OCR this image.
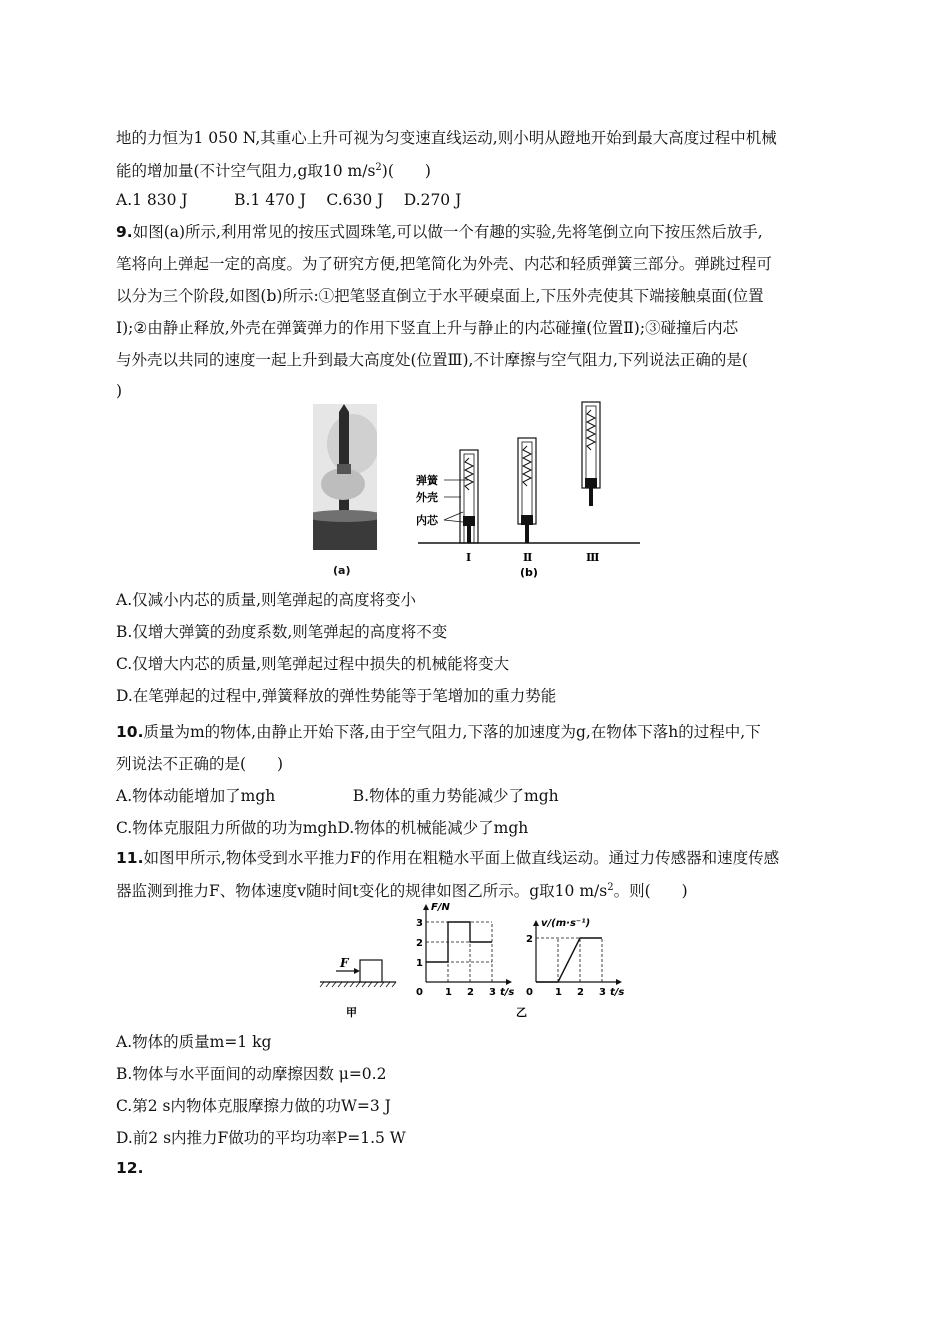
地的力恒为1 050 N,其重心上升可视为匀变速直线运动,则小明从蹬地开始到最大高度过程中机械
能的增加量(不计空气阻力,g取10 $m/s^2$)(　　)
A.1 830 J　　　B.1 470 J　 C.630 J　 D.270 J
9.如图(a)所示,利用常见的按压式圆珠笔,可以做一个有趣的实验,先将笔倒立向下按压然后放手,
笔将向上弹起一定的高度。为了研究方便,把笔简化为外壳、内芯和轻质弹簧三部分。弹跳过程可
以分为三个阶段,如图(b)所示:①把笔竖直倒立于水平硬桌面上,下压外壳使其下端接触桌面(位置
Ⅰ);②由静止释放,外壳在弹簧弹力的作用下竖直上升与静止的内芯碰撞(位置Ⅱ);③碰撞后内芯
与外壳以共同的速度一起上升到最大高度处(位置Ⅲ),不计摩擦与空气阻力,下列说法正确的是(
)
(a)
弹簧
外壳
内芯
Ⅰ	Ⅱ	Ⅲ
(b)
A.仅减小内芯的质量,则笔弹起的高度将变小
B.仅增大弹簧的劲度系数,则笔弹起的高度将不变
C.仅增大内芯的质量,则笔弹起过程中损失的机械能将变大
D.在笔弹起的过程中,弹簧释放的弹性势能等于笔增加的重力势能
10.质量为m的物体,由静止开始下落,由于空气阻力,下落的加速度为g,在物体下落h的过程中,下
列说法不正确的是(　　)
A.物体动能增加了mgh　　　　　B.物体的重力势能减少了mgh
C.物体克服阻力所做的功为mghD.物体的机械能减少了mgh
11.如图甲所示,物体受到水平推力F的作用在粗糙水平面上做直线运动。通过力传感器和速度传感
器监测到推力F、物体速度v随时间t变化的规律如图乙所示。g取10 $m/s^2$。则(　　)
F
甲
1 2 3
1
2
3
0	t/s
F/N
1 2 3
2
0	t/s
v/(m·s⁻¹)
乙
A.物体的质量m=1 kg
B.物体与水平面间的动摩擦因数 μ=0.2
C.第2 s内物体克服摩擦力做的功W=3 J
D.前2 s内推力F做功的平均功率P=1.5 W
12.
